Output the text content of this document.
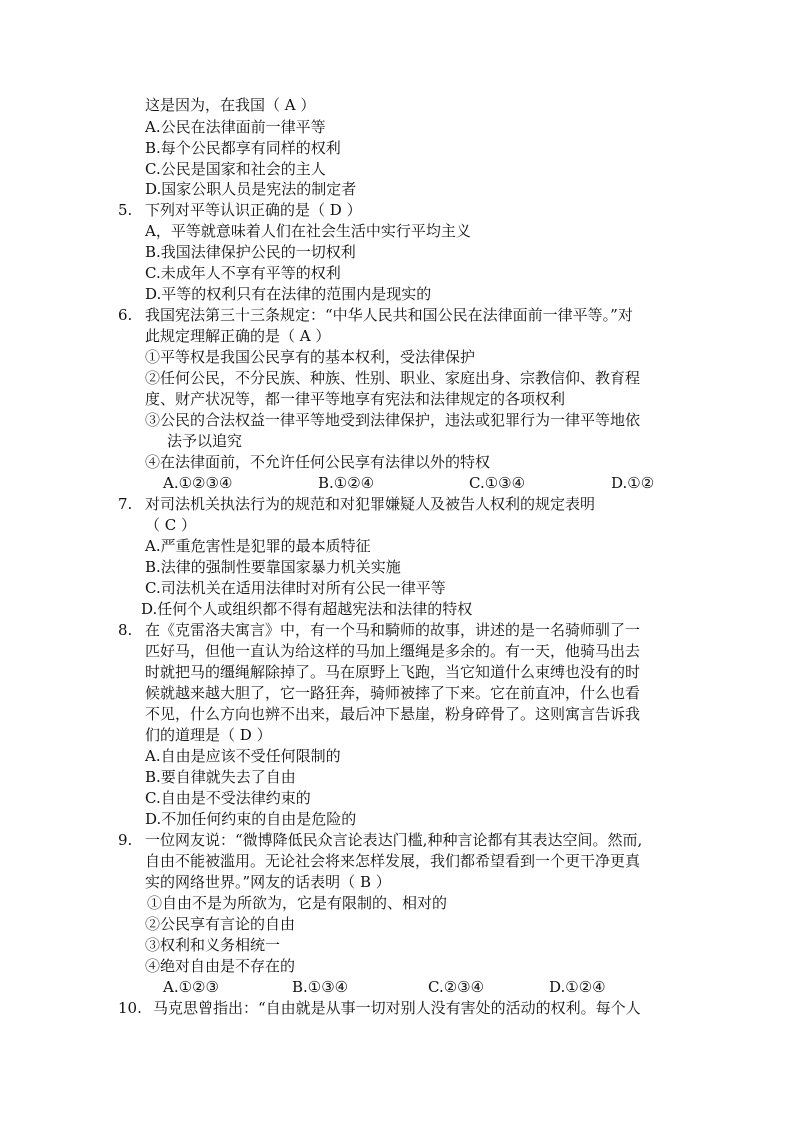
这是因为，在我国（ A ）
A.公民在法律面前一律平等
B.每个公民都享有同样的权利
C.公民是国家和社会的主人
D.国家公职人员是宪法的制定者
5. 下列对平等认识正确的是（ D ）
A，平等就意味着人们在社会生活中实行平均主义
B.我国法律保护公民的一切权利
C.未成年人不享有平等的权利
D.平等的权利只有在法律的范围内是现实的
6. 我国宪法第三十三条规定：“中华人民共和国公民在法律面前一律平等。”对
此规定理解正确的是（ A ）
①平等权是我国公民享有的基本权利，受法律保护
②任何公民，不分民族、种族、性别、职业、家庭出身、宗教信仰、教育程
度、财产状况等，都一律平等地享有宪法和法律规定的各项权利
③公民的合法权益一律平等地受到法律保护，违法或犯罪行为一律平等地依
法予以追究
④在法律面前，不允许任何公民享有法律以外的特权
A.①②③④	B.①②④	C.①③④	D.①②
7. 对司法机关执法行为的规范和对犯罪嫌疑人及被告人权利的规定表明
（ C ）
A.严重危害性是犯罪的最本质特征
B.法律的强制性要靠国家暴力机关实施
C.司法机关在适用法律时对所有公民一律平等
D.任何个人或组织都不得有超越宪法和法律的特权
8. 在《克雷洛夫寓言》中，有一个马和騎师的故事，讲述的是一名骑师驯了一
匹好马，但他一直认为给这样的马加上缰绳是多余的。有一天，他骑马出去
时就把马的缰绳解除掉了。马在原野上飞跑，当它知道什么束缚也没有的时
候就越来越大胆了，它一路狂奔，骑师被摔了下来。它在前直冲，什么也看
不见，什么方向也辨不出来，最后冲下悬崖，粉身碎骨了。这则寓言告诉我
们的道理是（ D ）
A.自由是应该不受任何限制的
B.要自律就失去了自由
C.自由是不受法律约束的
D.不加任何约束的自由是危险的
9. 一位网友说：“微博降低民众言论表达门槛,种种言论都有其表达空间。然而,
自由不能被滥用。无论社会将来怎样发展，我们都希望看到一个更干净更真
实的网络世界。”网友的话表明（ B ）
①自由不是为所欲为，它是有限制的、相对的
②公民享有言论的自由
③权利和义务相统一
④绝对自由是不存在的
A.①②③	B.①③④	C.②③④	D.①②④
10. 马克思曾指出：“自由就是从事一切对别人没有害处的活动的权利。每个人
